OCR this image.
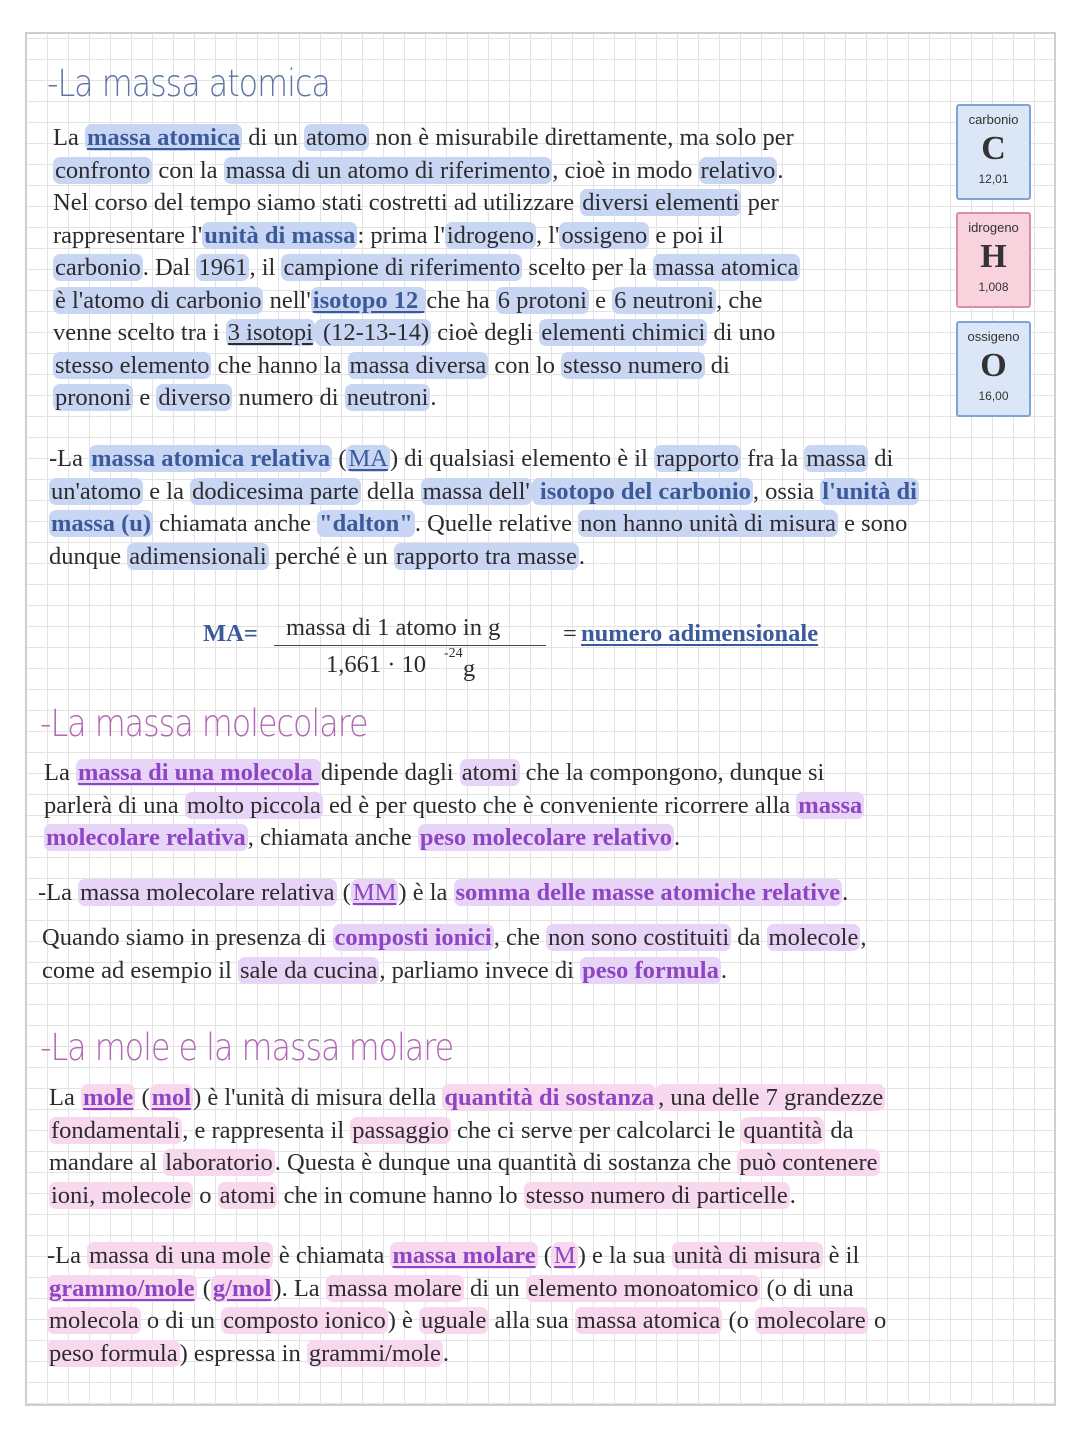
-La massa atomica
carbonio
C
12,01
idrogeno
H
1,008
ossigeno
O
16,00
La massa atomica di un atomo non è misurabile direttamente, ma solo per
confronto con la massa di un atomo di riferimento, cioè in modo relativo.
Nel corso del tempo siamo stati costretti ad utilizzare diversi elementi per
rappresentare l'unità di massa: prima l'idrogeno, l'ossigeno e poi il
carbonio. Dal 1961, il campione di riferimento scelto per la massa atomica
è l'atomo di carbonio nell'isotopo 12 che ha 6 protoni e 6 neutroni, che
venne scelto tra i 3 isotopi (12-13-14) cioè degli elementi chimici di uno
stesso elemento che hanno la massa diversa con lo stesso numero di
prononi e diverso numero di neutroni.
-La massa atomica relativa (MA) di qualsiasi elemento è il rapporto fra la massa di
un'atomo e la dodicesima parte della massa dell' isotopo del carbonio, ossia l'unità di
massa (u) chiamata anche "dalton". Quelle relative non hanno unità di misura e sono
dunque adimensionali perché è un rapporto tra masse.
MA= massa di 1 atomo in g
1,661 · 10 -24
g
= numero adimensionale
-La massa molecolare
La massa di una molecola dipende dagli atomi che la compongono, dunque si
parlerà di una molto piccola ed è per questo che è conveniente ricorrere alla massa
molecolare relativa, chiamata anche peso molecolare relativo.
-La massa molecolare relativa (MM) è la somma delle masse atomiche relative.
Quando siamo in presenza di composti ionici, che non sono costituiti da molecole,
come ad esempio il sale da cucina, parliamo invece di peso formula.
-La mole e la massa molare
La mole (mol) è l'unità di misura della quantità di sostanza , una delle 7 grandezze
fondamentali, e rappresenta il passaggio che ci serve per calcolarci le quantità da
mandare al laboratorio. Questa è dunque una quantità di sostanza che può contenere
ioni, molecole o atomi che in comune hanno lo stesso numero di particelle.
-La massa di una mole è chiamata massa molare (M) e la sua unità di misura è il
grammo/mole (g/mol). La massa molare di un elemento monoatomico (o di una
molecola o di un composto ionico) è uguale alla sua massa atomica (o molecolare o
peso formula) espressa in grammi/mole.
